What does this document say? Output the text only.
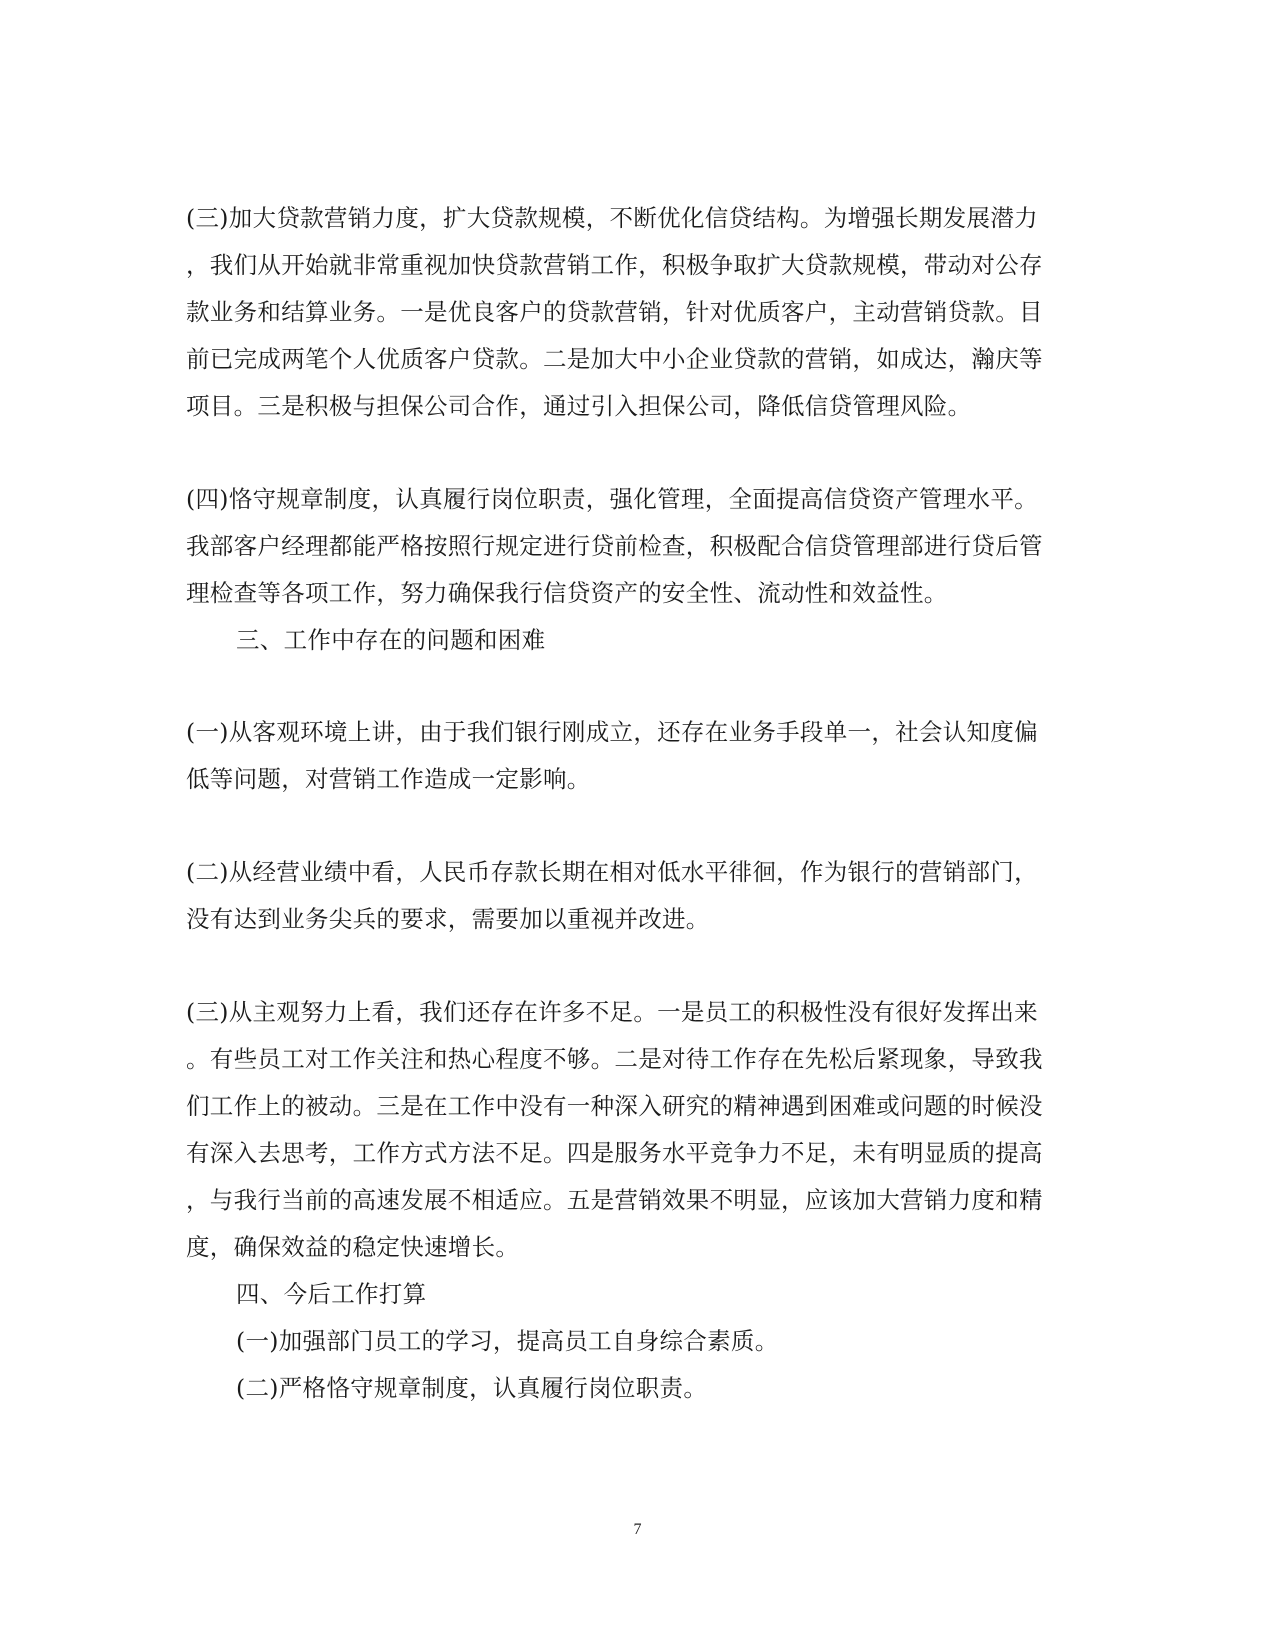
(三)加大贷款营销力度，扩大贷款规模，不断优化信贷结构。为增强长期发展潜力
，我们从开始就非常重视加快贷款营销工作，积极争取扩大贷款规模，带动对公存
款业务和结算业务。一是优良客户的贷款营销，针对优质客户，主动营销贷款。目
前已完成两笔个人优质客户贷款。二是加大中小企业贷款的营销，如成达，瀚庆等
项目。三是积极与担保公司合作，通过引入担保公司，降低信贷管理风险。
(四)恪守规章制度，认真履行岗位职责，强化管理，全面提高信贷资产管理水平。
我部客户经理都能严格按照行规定进行贷前检查，积极配合信贷管理部进行贷后管
理检查等各项工作，努力确保我行信贷资产的安全性、流动性和效益性。
三、工作中存在的问题和困难
(一)从客观环境上讲，由于我们银行刚成立，还存在业务手段单一，社会认知度偏
低等问题，对营销工作造成一定影响。
(二)从经营业绩中看，人民币存款长期在相对低水平徘徊，作为银行的营销部门，
没有达到业务尖兵的要求，需要加以重视并改进。
(三)从主观努力上看，我们还存在许多不足。一是员工的积极性没有很好发挥出来
。有些员工对工作关注和热心程度不够。二是对待工作存在先松后紧现象，导致我
们工作上的被动。三是在工作中没有一种深入研究的精神遇到困难或问题的时候没
有深入去思考，工作方式方法不足。四是服务水平竞争力不足，未有明显质的提高
，与我行当前的高速发展不相适应。五是营销效果不明显，应该加大营销力度和精
度，确保效益的稳定快速增长。
四、今后工作打算
(一)加强部门员工的学习，提高员工自身综合素质。
(二)严格恪守规章制度，认真履行岗位职责。
7
